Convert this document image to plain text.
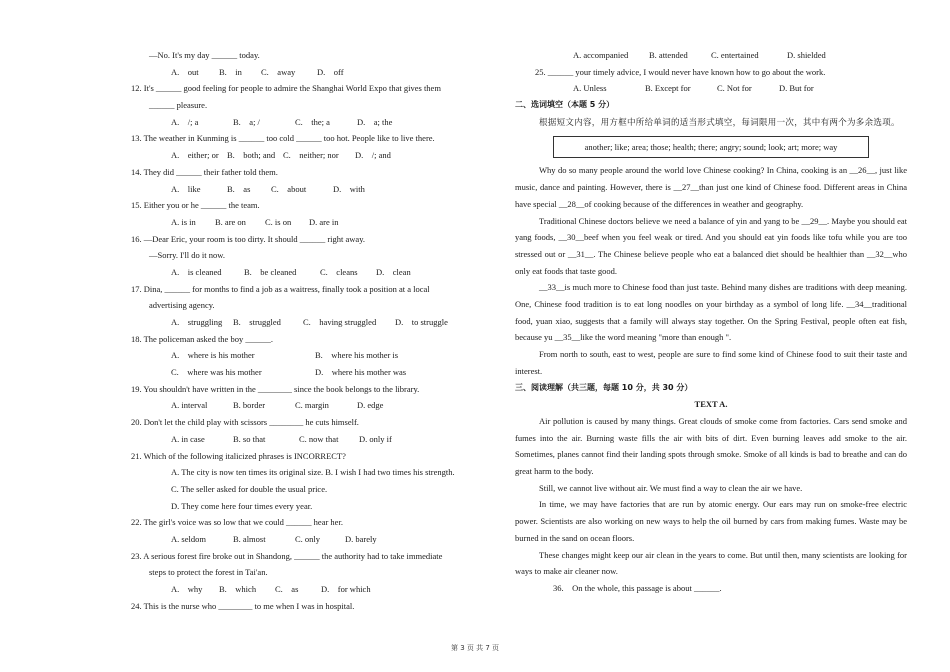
—No. It's my day ______ today.
A.　out	B.　in	C.　away	D.　off
12. It's ______ good feeling for people to admire the Shanghai World Expo that gives them
______ pleasure.
A.　/; a	B.　a; /	C.　the; a	D.　a; the
13. The weather in Kunming is ______ too cold ______ too hot. People like to live there.
A.　either; or B.　both; and C.　neither; nor	D.　/; and
14. They did ______ their father told them.
A.　like	B.　as	C.　about	D.　with
15. Either you or he ______ the team.
A. is in	B. are on	C. is on	D. are in
16. —Dear Eric, your room is too dirty. It should ______ right away.
—Sorry. I'll do it now.
A.　is cleaned	B.　be cleaned	C.　cleans	D.　clean
17. Dina, ______ for months to find a job as a waitress, finally took a position at a local
advertising agency.
A.　struggling	B.　struggled	C.　having struggled	D.　to struggle
18. The policeman asked the boy ______.
A.　where is his mother	B.　where his mother is
C.　where was his mother	D.　where his mother was
19. You shouldn't have written in the ________ since the book belongs to the library.
A. interval	B. border	C. margin	D. edge
20. Don't let the child play with scissors ________ he cuts himself.
A. in case	B. so that	C. now that	D. only if
21. Which of the following italicized phrases is INCORRECT?
A. The city is now ten times its original size. B. I wish I had two times his strength.
C. The seller asked for double the usual price.
D. They come here four times every year.
22. The girl's voice was so low that we could ______ hear her.
A. seldom	B. almost	C. only	D. barely
23. A serious forest fire broke out in Shandong, ______ the authority had to take immediate
steps to protect the forest in Tai'an.
A.　why	B.　which	C.　as	D.　for which
24. This is the nurse who ________ to me when I was in hospital.
A. accompanied	B. attended	C. entertained	D. shielded
25. ______ your timely advice, I would never have known how to go about the work.
A. Unless	B. Except for	C. Not for	D. But for
二、选词填空（本题 5 分）

根据短文内容，用方框中所给单词的适当形式填空，每词限用一次，其中有两个为多余选项。

another; like; area; those; health; there; angry; sound; look; art; more; way

Why do so many people around the world love Chinese cooking? In China, cooking is an __26__, just like music, dance and painting. However, there is __27__than just one kind of Chinese food. Different areas in China have special __28__of cooking because of the differences in weather and geography.

Traditional Chinese doctors believe we need a balance of yin and yang to be __29__. Maybe you should eat yang foods, __30__beef when you feel weak or tired. And you should eat yin foods like tofu while you are too stressed out or __31__. The Chinese believe people who eat a balanced diet should be healthier than __32__who only eat foods that taste good.

__33__is much more to Chinese food than just taste. Behind many dishes are traditions with deep meaning. One, Chinese food tradition is to eat long noodles on your birthday as a symbol of long life. __34__traditional food, yuan xiao, suggests that a family will always stay together. On the Spring Festival, people often eat fish, because yu __35__like the word meaning "more than enough ".

From north to south, east to west, people are sure to find some kind of Chinese food to suit their taste and interest.

三、阅读理解（共三题，每题 10 分，共 30 分）
TEXT A.

Air pollution is caused by many things. Great clouds of smoke come from factories. Cars send smoke and fumes into the air. Burning waste fills the air with bits of dirt. Even burning leaves add smoke to the air. Sometimes, planes cannot find their landing spots through smoke. Smoke of all kinds is bad to breathe and can do great harm to the body.

Still, we cannot live without air. We must find a way to clean the air we have.

In time, we may have factories that are run by atomic energy. Our ears may run on smoke-free electric power. Scientists are also working on new ways to help the oil burned by cars from making fumes. Waste may be burned in the sand on ocean floors.

These changes might keep our air clean in the years to come. But until then, many scientists are looking for ways to make air cleaner now.

36.　On the whole, this passage is about ______.
第 3 页 共 7 页
